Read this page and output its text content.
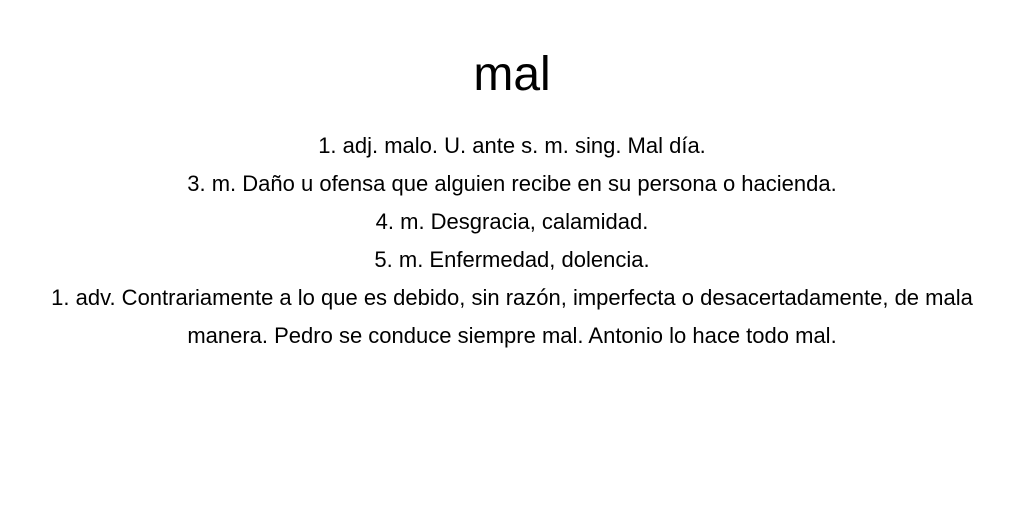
mal
1. adj. malo. U. ante s. m. sing. Mal día.
3. m. Daño u ofensa que alguien recibe en su persona o hacienda.
4. m. Desgracia, calamidad.
5. m. Enfermedad, dolencia.
1. adv. Contrariamente a lo que es debido, sin razón, imperfecta o desacertadamente, de mala manera. Pedro se conduce siempre mal. Antonio lo hace todo mal.
